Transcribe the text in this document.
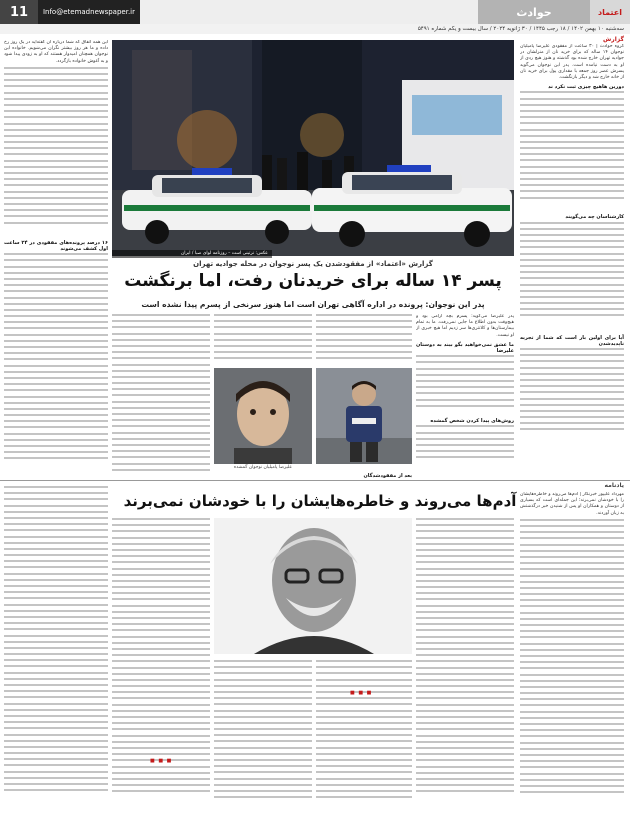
11	Info@etemadnewspaper.ir	حوادث	اعتماد
سه‌شنبه ۱۰ بهمن ۱۴۰۲ / ۱۸ رجب ۱۴۴۵ / ۳۰ ژانویه ۲۰۲۴ / سال بیست و یکم شماره ۵۴۹۱
گزارش

گروه حوادث | ۳۰ ساعت از مفقودی علیرضا پامیلیان نوجوان ۱۴ ساله که برای خرید نان از منزلشان در جوادیه تهران خارج شده بود گذشته و هنوز هیچ ردی از او به دست نیامده است. پدر این نوجوان می‌گوید پسرش عصر روز جمعه با مقداری پول برای خرید نان از خانه خارج شد و دیگر بازنگشت.

دورین هاهیچ چیزی ثبت نکرد ند

کارشناسان چه می‌گویند

آیا برای اولین بار است که شما از تجربه ناپدیدشدن

این همه اتفاق که شما درباره آن گفته‌اید در یک روز رخ داده و ما هر روز بیشتر نگران می‌شویم. خانواده این نوجوان همچنان امیدوار هستند که او به زودی پیدا شود و به آغوش خانواده بازگردد.

۱۶ درصد پرونده‌های مفقودی در ۲۴ ساعت اول کشف می‌شوند

عکس: نرتینی است – روزنامه لوای صبا / ایران
گزارش «اعتماد» از مفقودشدن یک پسر نوجوان در محله جوادیه تهران
پسر ۱۴ ساله برای خریدنان رفت، اما برنگشت
پدر این نوجوان: پرونده در اداره آگاهی تهران است اما هنوز سرنخی از پسرم پیدا نشده است

پدر علیرضا می‌گوید: پسرم بچه آرامی بود و هیچ‌وقت بدون اطلاع ما جایی نمی‌رفت. ما به تمام بیمارستان‌ها و کلانتری‌ها سر زدیم اما هیچ خبری از او نیست.

ما عشق نمی‌خواهید بگو بیند به دوستان علیرضا

روش‌های پیدا کردن شخص گمشده

علیرضا پامیلیان نوجوان گمشده

بعد از مفقودشدگان

یادنامه
آدم‌ها می‌روند و خاطره‌هایشان را با خودشان نمی‌برند مهرداد علیپور خبرنگار | آدم‌ها می‌روند و خاطره‌هایشان را با خودشان نمی‌برند؛ این جمله‌ای است که بسیاری از دوستان و همکاران او پس از شنیدن خبر درگذشتش به زبان آوردند.

■ ■ ■
■ ■ ■
